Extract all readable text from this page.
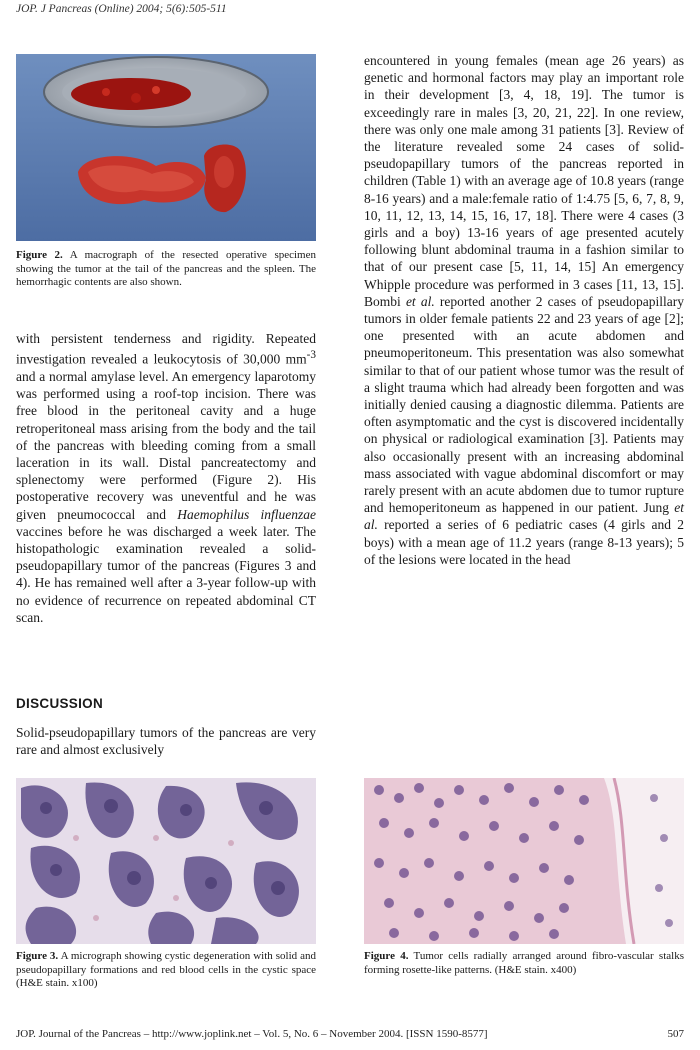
JOP. J Pancreas (Online) 2004; 5(6):505-511
Figure 2. A macrograph of the resected operative specimen showing the tumor at the tail of the pancreas and the spleen. The hemorrhagic contents are also shown.

with persistent tenderness and rigidity. Repeated investigation revealed a leukocytosis of 30,000 $mm^{-3}$ and a normal amylase level. An emergency laparotomy was performed using a roof-top incision. There was free blood in the peritoneal cavity and a huge retroperitoneal mass arising from the body and the tail of the pancreas with bleeding coming from a small laceration in its wall. Distal pancreatectomy and splenectomy were performed (Figure 2). His postoperative recovery was uneventful and he was given pneumococcal and Haemophilus influenzae vaccines before he was discharged a week later. The histopathologic examination revealed a solid-pseudopapillary tumor of the pancreas (Figures 3 and 4). He has remained well after a 3-year follow-up with no evidence of recurrence on repeated abdominal CT scan.

DISCUSSION

Solid-pseudopapillary tumors of the pancreas are very rare and almost exclusively

encountered in young females (mean age 26 years) as genetic and hormonal factors may play an important role in their development [3, 4, 18, 19]. The tumor is exceedingly rare in males [3, 20, 21, 22]. In one review, there was only one male among 31 patients [3]. Review of the literature revealed some 24 cases of solid-pseudopapillary tumors of the pancreas reported in children (Table 1) with an average age of 10.8 years (range 8-16 years) and a male:female ratio of 1:4.75 [5, 6, 7, 8, 9, 10, 11, 12, 13, 14, 15, 16, 17, 18]. There were 4 cases (3 girls and a boy) 13-16 years of age presented acutely following blunt abdominal trauma in a fashion similar to that of our present case [5, 11, 14, 15] An emergency Whipple procedure was performed in 3 cases [11, 13, 15]. Bombi et al. reported another 2 cases of pseudopapillary tumors in older female patients 22 and 23 years of age [2]; one presented with an acute abdomen and pneumoperitoneum. This presentation was also somewhat similar to that of our patient whose tumor was the result of a slight trauma which had already been forgotten and was initially denied causing a diagnostic dilemma. Patients are often asymptomatic and the cyst is discovered incidentally on physical or radiological examination [3]. Patients may also occasionally present with an increasing abdominal mass associated with vague abdominal discomfort or may rarely present with an acute abdomen due to tumor rupture and hemoperitoneum as happened in our patient. Jung et al. reported a series of 6 pediatric cases (4 girls and 2 boys) with a mean age of 11.2 years (range 8-13 years); 5 of the lesions were located in the head

Figure 3. A micrograph showing cystic degeneration with solid and pseudopapillary formations and red blood cells in the cystic space (H&E stain. x100)
Figure 4. Tumor cells radially arranged around fibro-vascular stalks forming rosette-like patterns. (H&E stain. x400)
JOP. Journal of the Pancreas – http://www.joplink.net – Vol. 5, No. 6 – November 2004. [ISSN 1590-8577]	507
